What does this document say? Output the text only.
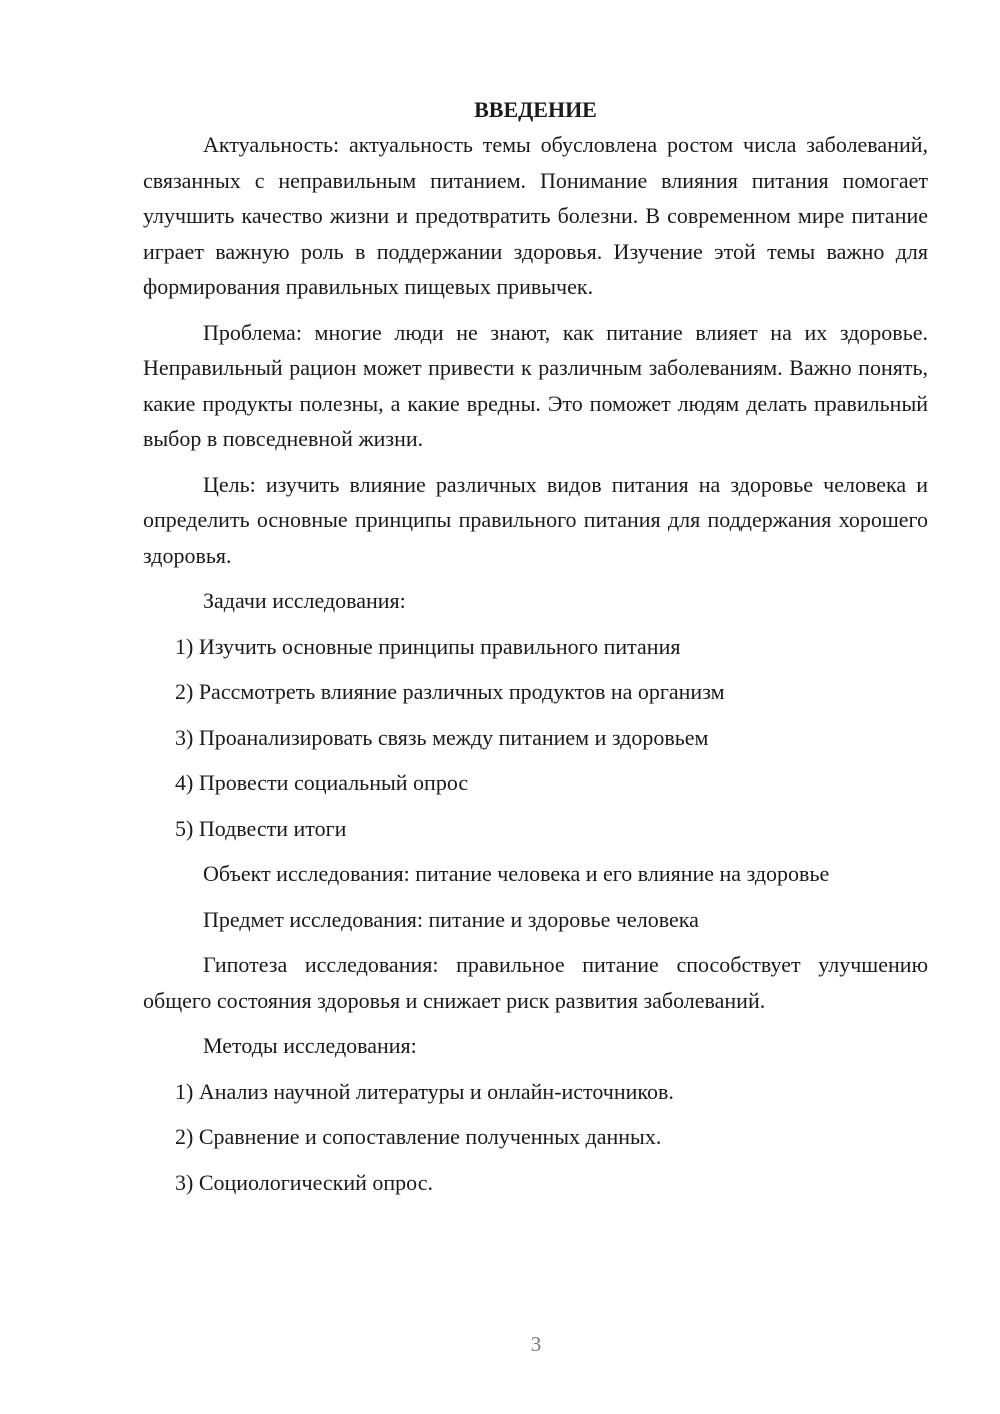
ВВЕДЕНИЕ

Актуальность: актуальность темы обусловлена ростом числа заболеваний, связанных с неправильным питанием. Понимание влияния питания помогает улучшить качество жизни и предотвратить болезни. В современном мире питание играет важную роль в поддержании здоровья. Изучение этой темы важно для формирования правильных пищевых привычек.

Проблема: многие люди не знают, как питание влияет на их здоровье. Неправильный рацион может привести к различным заболеваниям. Важно понять, какие продукты полезны, а какие вредны. Это поможет людям делать правильный выбор в повседневной жизни.

Цель: изучить влияние различных видов питания на здоровье человека и определить основные принципы правильного питания для поддержания хорошего здоровья.

Задачи исследования:
1) Изучить основные принципы правильного питания
2) Рассмотреть влияние различных продуктов на организм
3) Проанализировать связь между питанием и здоровьем
4) Провести социальный опрос
5) Подвести итоги
Объект исследования: питание человека и его влияние на здоровье
Предмет исследования: питание и здоровье человека

Гипотеза исследования: правильное питание способствует улучшению общего состояния здоровья и снижает риск развития заболеваний.

Методы исследования:
1) Анализ научной литературы и онлайн-источников.
2) Сравнение и сопоставление полученных данных.
3) Социологический опрос.
3
